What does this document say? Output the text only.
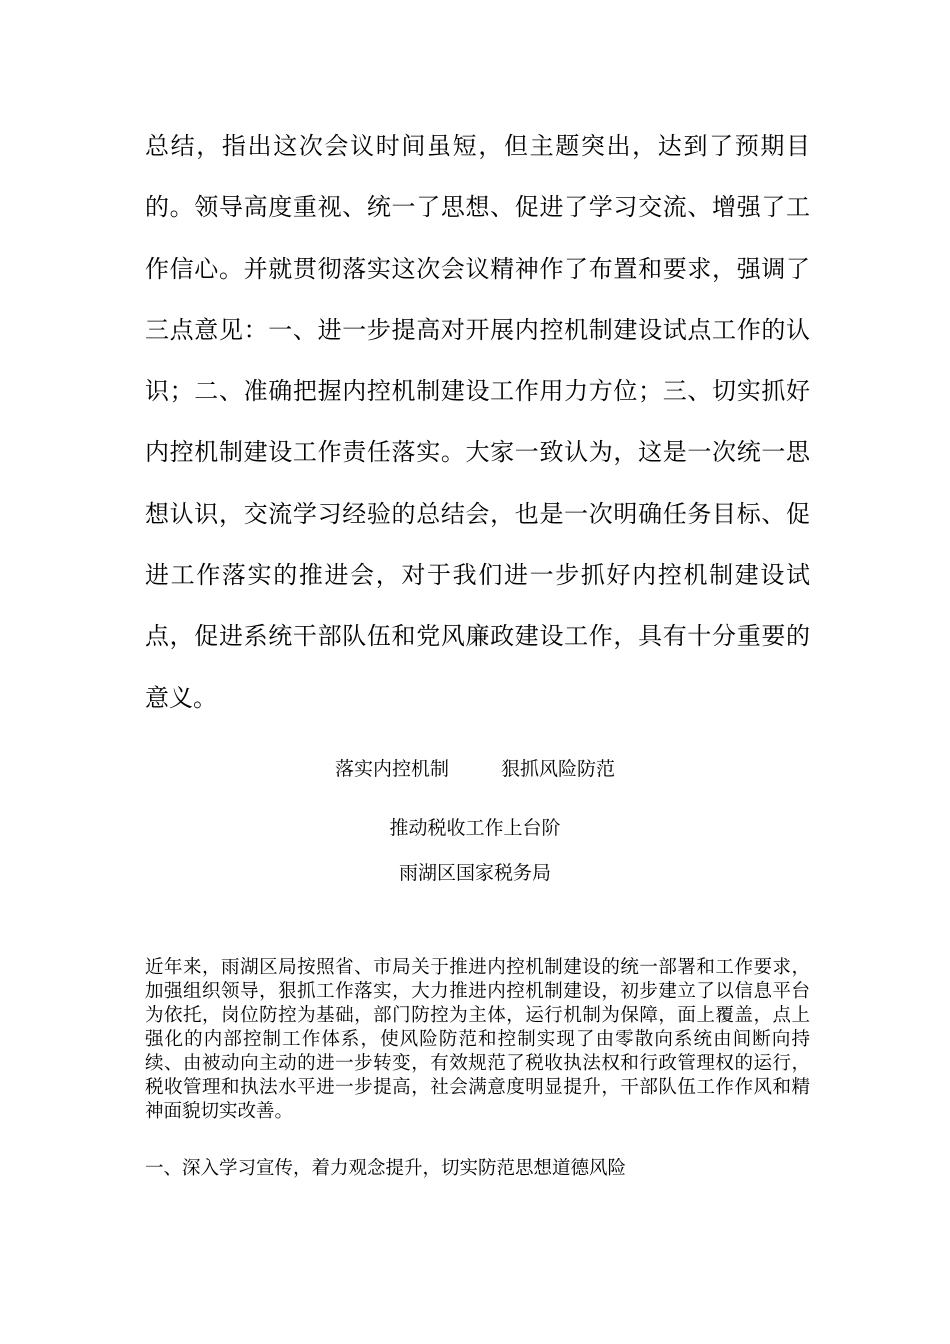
总结，指出这次会议时间虽短，但主题突出，达到了预期目的。领导高度重视、统一了思想、促进了学习交流、增强了工作信心。并就贯彻落实这次会议精神作了布置和要求，强调了三点意见：一、进一步提高对开展内控机制建设试点工作的认识；二、准确把握内控机制建设工作用力方位；三、切实抓好内控机制建设工作责任落实。大家一致认为，这是一次统一思想认识，交流学习经验的总结会，也是一次明确任务目标、促进工作落实的推进会，对于我们进一步抓好内控机制建设试点，促进系统干部队伍和党风廉政建设工作，具有十分重要的意义。

落实内控机制	狠抓风险防范

推动税收工作上台阶

雨湖区国家税务局

近年来，雨湖区局按照省、市局关于推进内控机制建设的统一部署和工作要求，加强组织领导，狠抓工作落实，大力推进内控机制建设，初步建立了以信息平台为依托，岗位防控为基础，部门防控为主体，运行机制为保障，面上覆盖，点上强化的内部控制工作体系，使风险防范和控制实现了由零散向系统由间断向持续、由被动向主动的进一步转变，有效规范了税收执法权和行政管理权的运行，税收管理和执法水平进一步提高，社会满意度明显提升，干部队伍工作作风和精神面貌切实改善。

一、深入学习宣传，着力观念提升，切实防范思想道德风险
